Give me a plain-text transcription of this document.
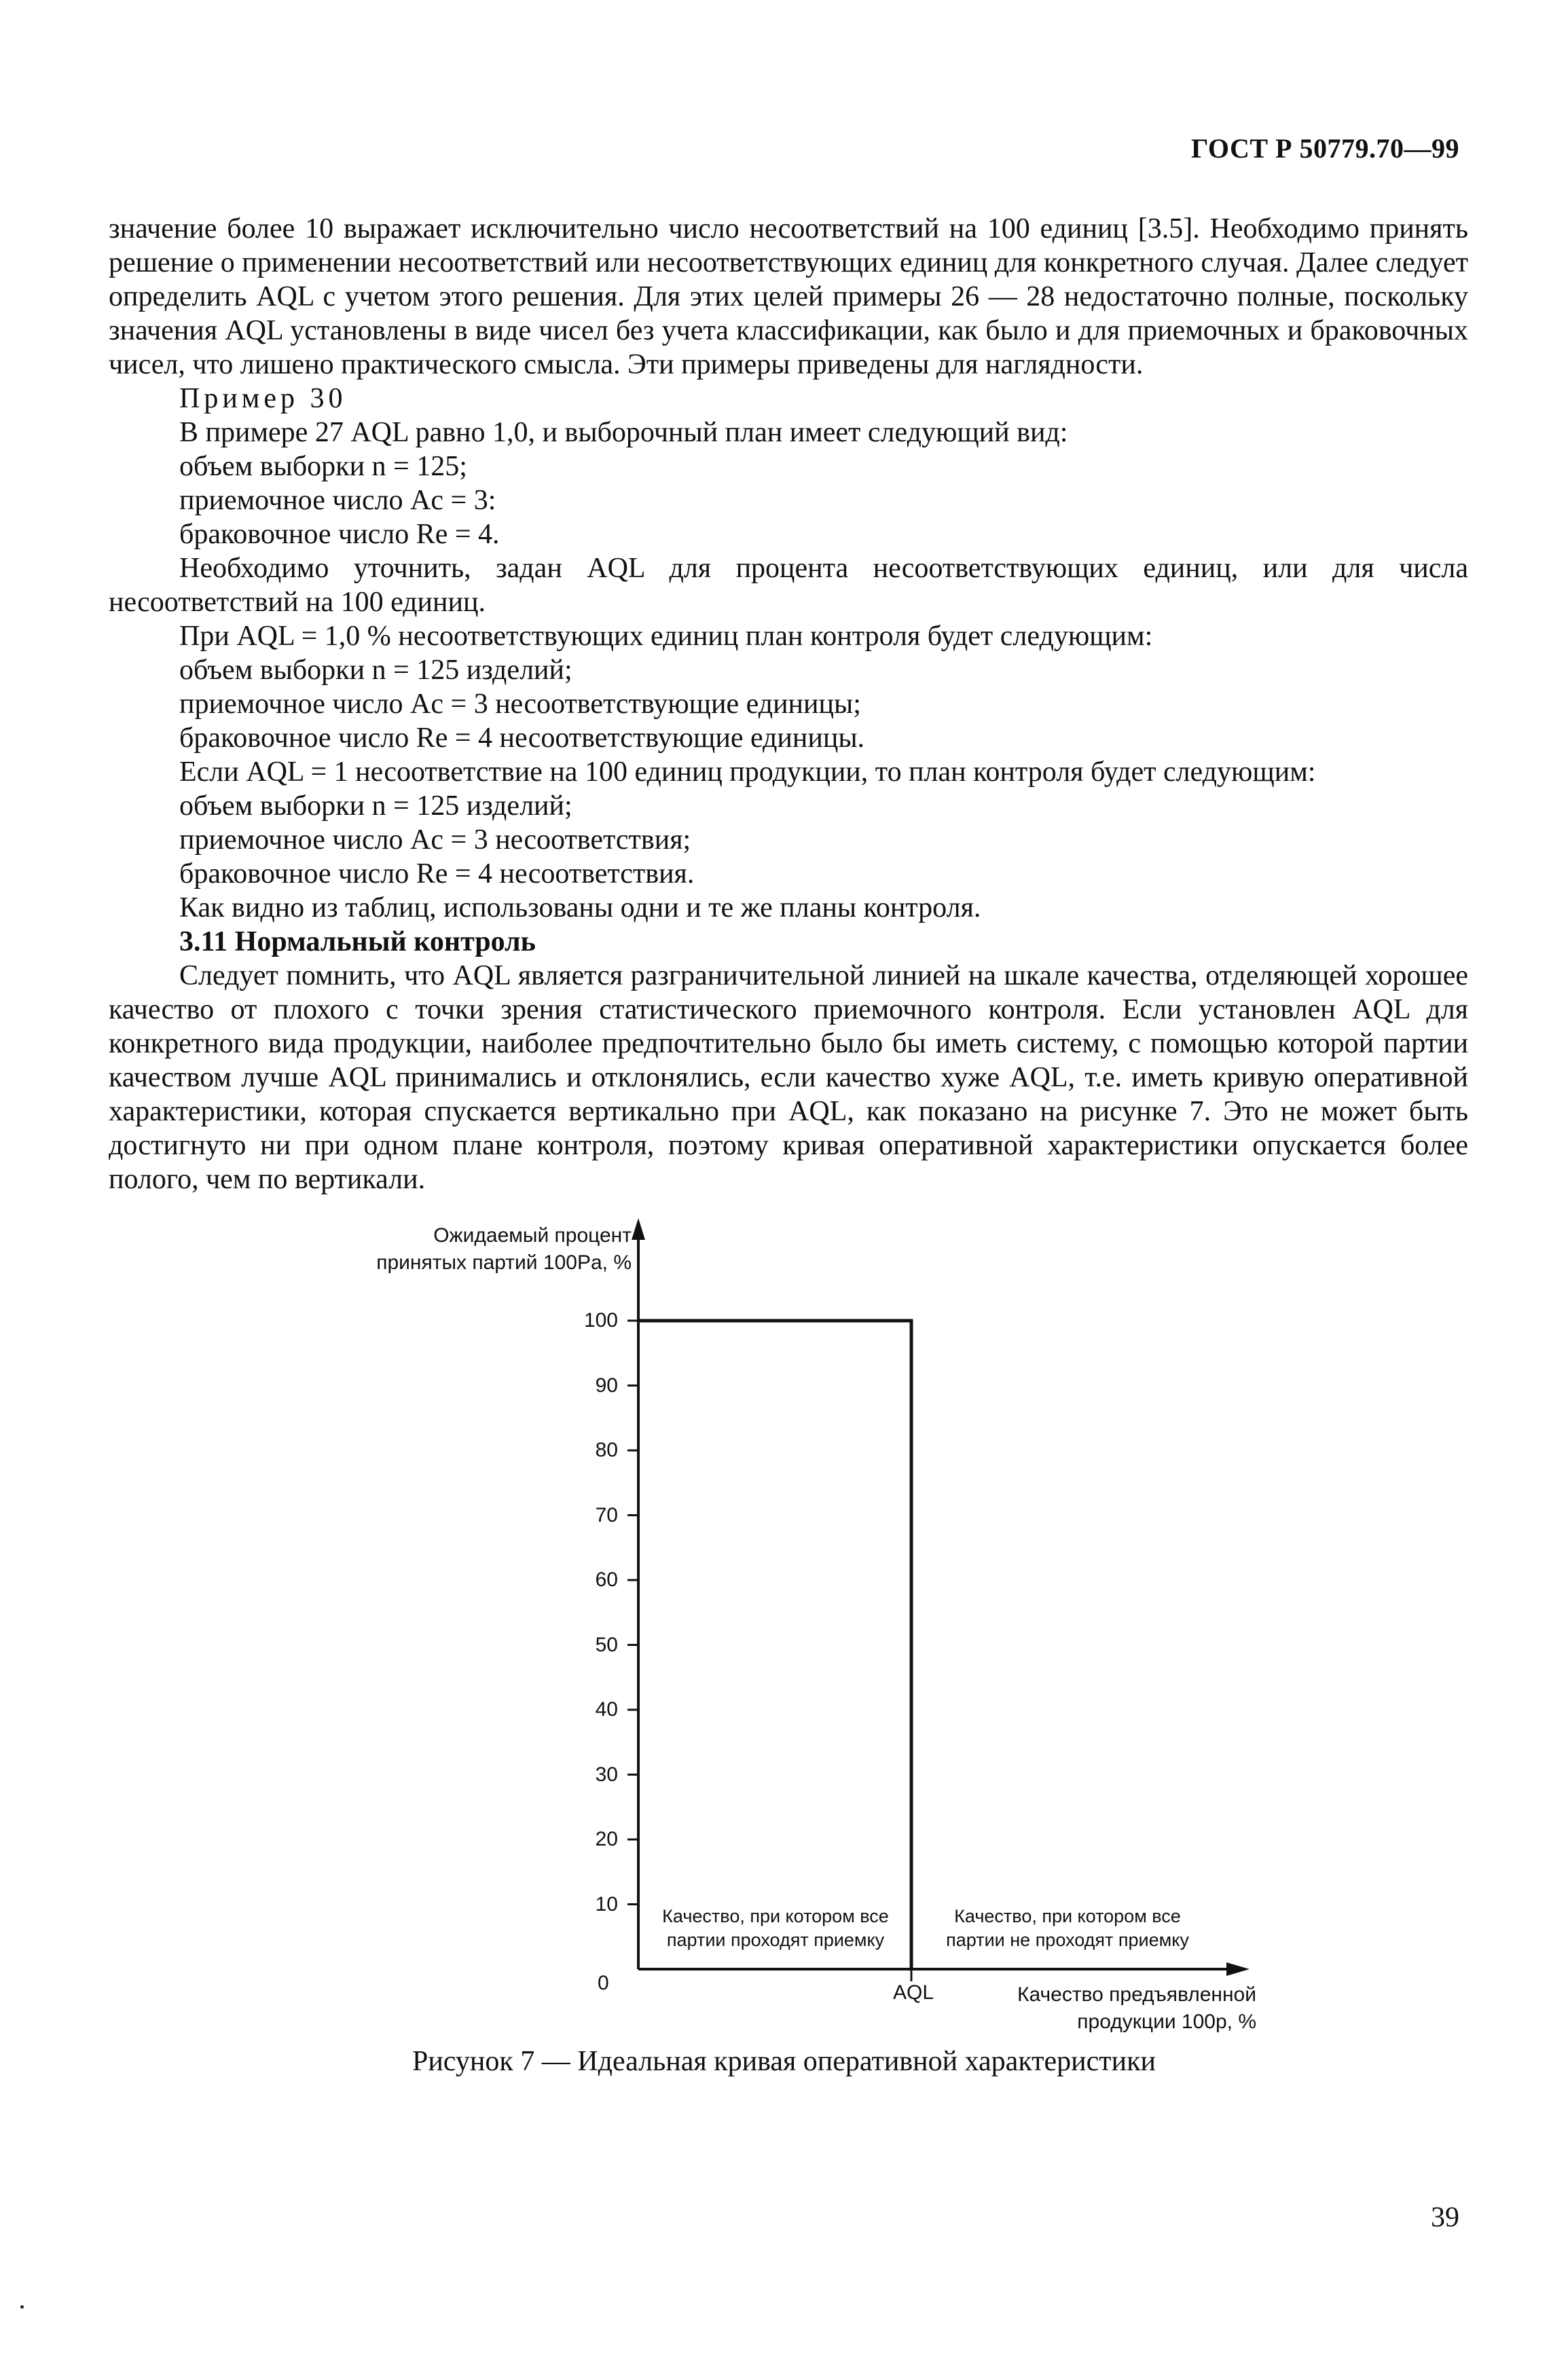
ГОСТ Р 50779.70—99

значение более 10 выражает исключительно число несоответствий на 100 единиц [3.5]. Необходимо принять решение о применении несоответствий или несоответствующих единиц для конкретного случая. Далее следует определить AQL с учетом этого решения. Для этих целей примеры 26 — 28 недостаточно полные, поскольку значения AQL установлены в виде чисел без учета классификации, как было и для приемочных и браковочных чисел, что лишено практического смысла. Эти примеры приведены для наглядности.

Пример 30

В примере 27 AQL равно 1,0, и выборочный план имеет следующий вид:

объем выборки n = 125;

приемочное число Ac = 3:

браковочное число Re = 4.

Необходимо уточнить, задан AQL для процента несоответствующих единиц, или для числа несоответствий на 100 единиц.

При AQL = 1,0 % несоответствующих единиц план контроля будет следующим:

объем выборки n = 125 изделий;

приемочное число Ac = 3 несоответствующие единицы;

браковочное число Re = 4 несоответствующие единицы.

Если AQL = 1 несоответствие на 100 единиц продукции, то план контроля будет следующим:

объем выборки n = 125 изделий;

приемочное число Ac = 3 несоответствия;

браковочное число Re = 4 несоответствия.

Как видно из таблиц, использованы одни и те же планы контроля.

3.11 Нормальный контроль

Следует помнить, что AQL является разграничительной линией на шкале качества, отделяющей хорошее качество от плохого с точки зрения статистического приемочного контроля. Если установлен AQL для конкретного вида продукции, наиболее предпочтительно было бы иметь систему, с помощью которой партии качеством лучше AQL принимались и отклонялись, если качество хуже AQL, т.е. иметь кривую оперативной характеристики, которая спускается вертикально при AQL, как показано на рисунке 7. Это не может быть достигнуто ни при одном плане контроля, поэтому кривая оперативной характеристики опускается более полого, чем по вертикали.

Ожидаемый процент
принятых партий 100Pa, %
0
10
20
30
40
50
60
70
80
90
100
Качество, при котором все
партии проходят приемку
Качество, при котором все
партии не проходят приемку
AQL	Качество предъявленной
продукции 100p, %
Рисунок 7 — Идеальная кривая оперативной характеристики
39
